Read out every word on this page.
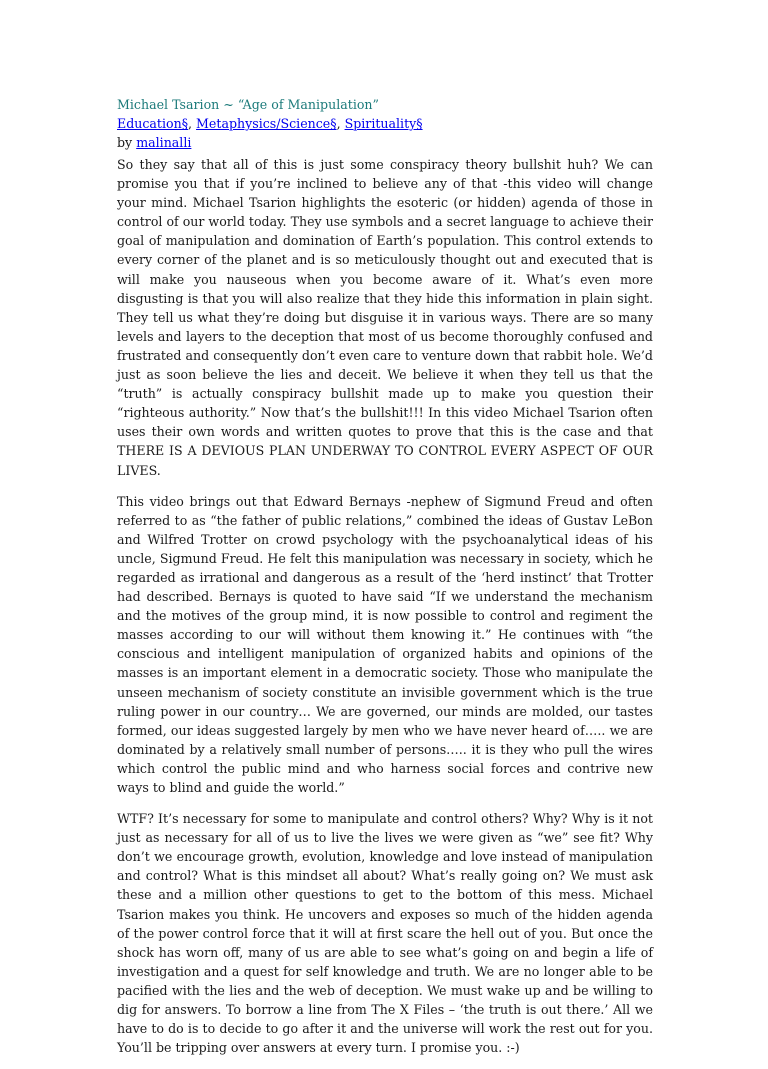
Michael Tsarion ~ “Age of Manipulation”

Education§, Metaphysics/Science§, Spirituality§

by malinalli

So they say that all of this is just some conspiracy theory bullshit huh? We can promise you that if you’re inclined to believe any of that -this video will change your mind. Michael Tsarion highlights the esoteric (or hidden) agenda of those in control of our world today. They use symbols and a secret language to achieve their goal of manipulation and domination of Earth’s population. This control extends to every corner of the planet and is so meticulously thought out and executed that is will make you nauseous when you become aware of it. What’s even more disgusting is that you will also realize that they hide this information in plain sight. They tell us what they’re doing but disguise it in various ways. There are so many levels and layers to the deception that most of us become thoroughly confused and frustrated and consequently don’t even care to venture down that rabbit hole. We’d just as soon believe the lies and deceit. We believe it when they tell us that the “truth” is actually conspiracy bullshit made up to make you question their “righteous authority.” Now that’s the bullshit!!! In this video Michael Tsarion often uses their own words and written quotes to prove that this is the case and that THERE IS A DEVIOUS PLAN UNDERWAY TO CONTROL EVERY ASPECT OF OUR LIVES.

This video brings out that Edward Bernays -nephew of Sigmund Freud and often referred to as “the father of public relations,” combined the ideas of Gustav LeBon and Wilfred Trotter on crowd psychology with the psychoanalytical ideas of his uncle, Sigmund Freud. He felt this manipulation was necessary in society, which he regarded as irrational and dangerous as a result of the ‘herd instinct’ that Trotter had described. Bernays is quoted to have said “If we understand the mechanism and the motives of the group mind, it is now possible to control and regiment the masses according to our will without them knowing it.” He continues with “the conscious and intelligent manipulation of organized habits and opinions of the masses is an important element in a democratic society. Those who manipulate the unseen mechanism of society constitute an invisible government which is the true ruling power in our country… We are governed, our minds are molded, our tastes formed, our ideas suggested largely by men who we have never heard of….. we are dominated by a relatively small number of persons….. it is they who pull the wires which control the public mind and who harness social forces and contrive new ways to blind and guide the world.”

WTF? It’s necessary for some to manipulate and control others? Why? Why is it not just as necessary for all of us to live the lives we were given as “we” see fit? Why don’t we encourage growth, evolution, knowledge and love instead of manipulation and control? What is this mindset all about? What’s really going on? We must ask these and a million other questions to get to the bottom of this mess. Michael Tsarion makes you think. He uncovers and exposes so much of the hidden agenda of the power control force that it will at first scare the hell out of you. But once the shock has worn off, many of us are able to see what’s going on and begin a life of investigation and a quest for self knowledge and truth. We are no longer able to be pacified with the lies and the web of deception. We must wake up and be willing to dig for answers. To borrow a line from The X Files – ‘the truth is out there.’ All we have to do is to decide to go after it and the universe will work the rest out for you. You’ll be tripping over answers at every turn. I promise you. :-)
